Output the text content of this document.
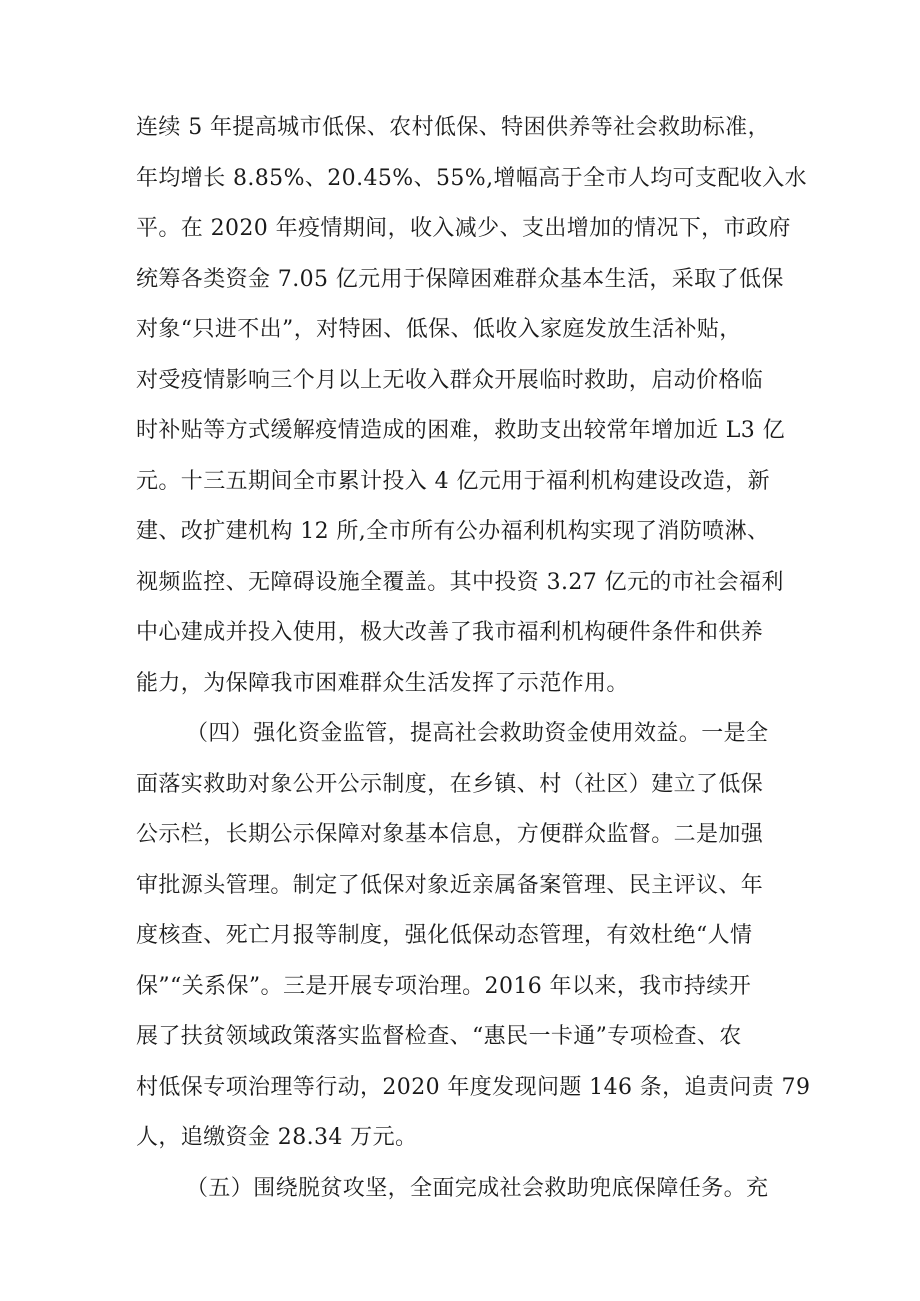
连续 5 年提高城市低保、农村低保、特困供养等社会救助标准，
年均增长 8.85%、20.45%、55%,增幅高于全市人均可支配收入水
平。在 2020 年疫情期间，收入减少、支出增加的情况下，市政府
统筹各类资金 7.05 亿元用于保障困难群众基本生活，采取了低保
对象“只进不出”，对特困、低保、低收入家庭发放生活补贴，
对受疫情影响三个月以上无收入群众开展临时救助，启动价格临
时补贴等方式缓解疫情造成的困难，救助支出较常年增加近 L3 亿
元。十三五期间全市累计投入 4 亿元用于福利机构建设改造，新
建、改扩建机构 12 所,全市所有公办福利机构实现了消防喷淋、
视频监控、无障碍设施全覆盖。其中投资 3.27 亿元的市社会福利
中心建成并投入使用，极大改善了我市福利机构硬件条件和供养
能力，为保障我市困难群众生活发挥了示范作用。
（四）强化资金监管，提高社会救助资金使用效益。一是全
面落实救助对象公开公示制度，在乡镇、村（社区）建立了低保
公示栏，长期公示保障对象基本信息，方便群众监督。二是加强
审批源头管理。制定了低保对象近亲属备案管理、民主评议、年
度核查、死亡月报等制度，强化低保动态管理，有效杜绝“人情
保”“关系保”。三是开展专项治理。2016 年以来，我市持续开
展了扶贫领域政策落实监督检查、“惠民一卡通”专项检查、农
村低保专项治理等行动，2020 年度发现问题 146 条，追责问责 79
人，追缴资金 28.34 万元。
（五）围绕脱贫攻坚，全面完成社会救助兜底保障任务。充
